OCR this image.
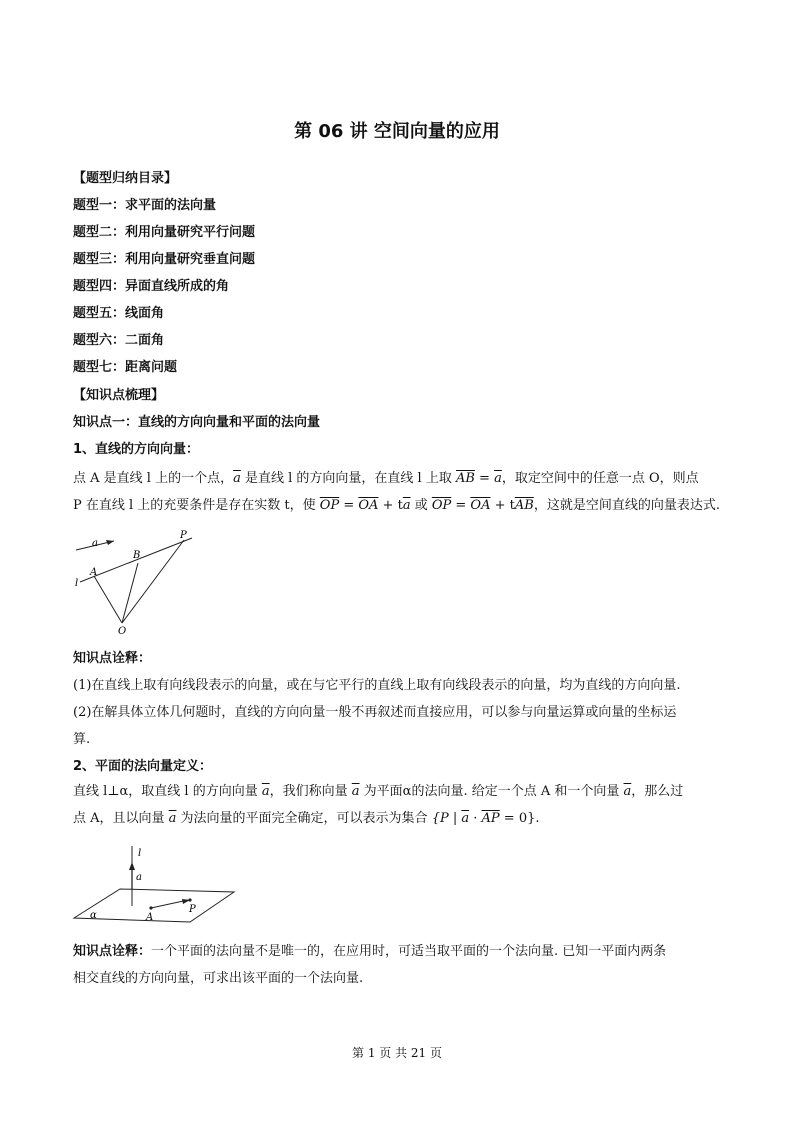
第 06 讲 空间向量的应用
【题型归纳目录】
题型一：求平面的法向量
题型二：利用向量研究平行问题
题型三：利用向量研究垂直问题
题型四：异面直线所成的角
题型五：线面角
题型六：二面角
题型七：距离问题
【知识点梳理】
知识点一：直线的方向向量和平面的法向量
1、直线的方向向量：
点 A 是直线 l 上的一个点，$\overline{a}$ 是直线 l 的方向向量，在直线 l 上取 $\overline{AB} = \overline{a}$，取定空间中的任意一点 O，则点
P 在直线 l 上的充要条件是存在实数 t，使 $\overline{OP} = \overline{OA} + t\overline{a}$ 或 $\overline{OP} = \overline{OA} + t\overline{AB}$，这就是空间直线的向量表达式.
a
B
P
A
l
O
知识点诠释：
(1)在直线上取有向线段表示的向量，或在与它平行的直线上取有向线段表示的向量，均为直线的方向向量.
(2)在解具体立体几何题时，直线的方向向量一般不再叙述而直接应用，可以参与向量运算或向量的坐标运
算.
2、平面的法向量定义：
直线 l⊥α，取直线 l 的方向向量 $\overline{a}$，我们称向量 $\overline{a}$ 为平面α的法向量. 给定一个点 A 和一个向量 $\overline{a}$，那么过
点 A，且以向量 $\overline{a}$ 为法向量的平面完全确定，可以表示为集合 {P | $\overline{a} \cdot \overline{AP} = 0$}.
l
a
α	A
P
知识点诠释：一个平面的法向量不是唯一的，在应用时，可适当取平面的一个法向量. 已知一平面内两条
相交直线的方向向量，可求出该平面的一个法向量.
第 1 页 共 21 页
